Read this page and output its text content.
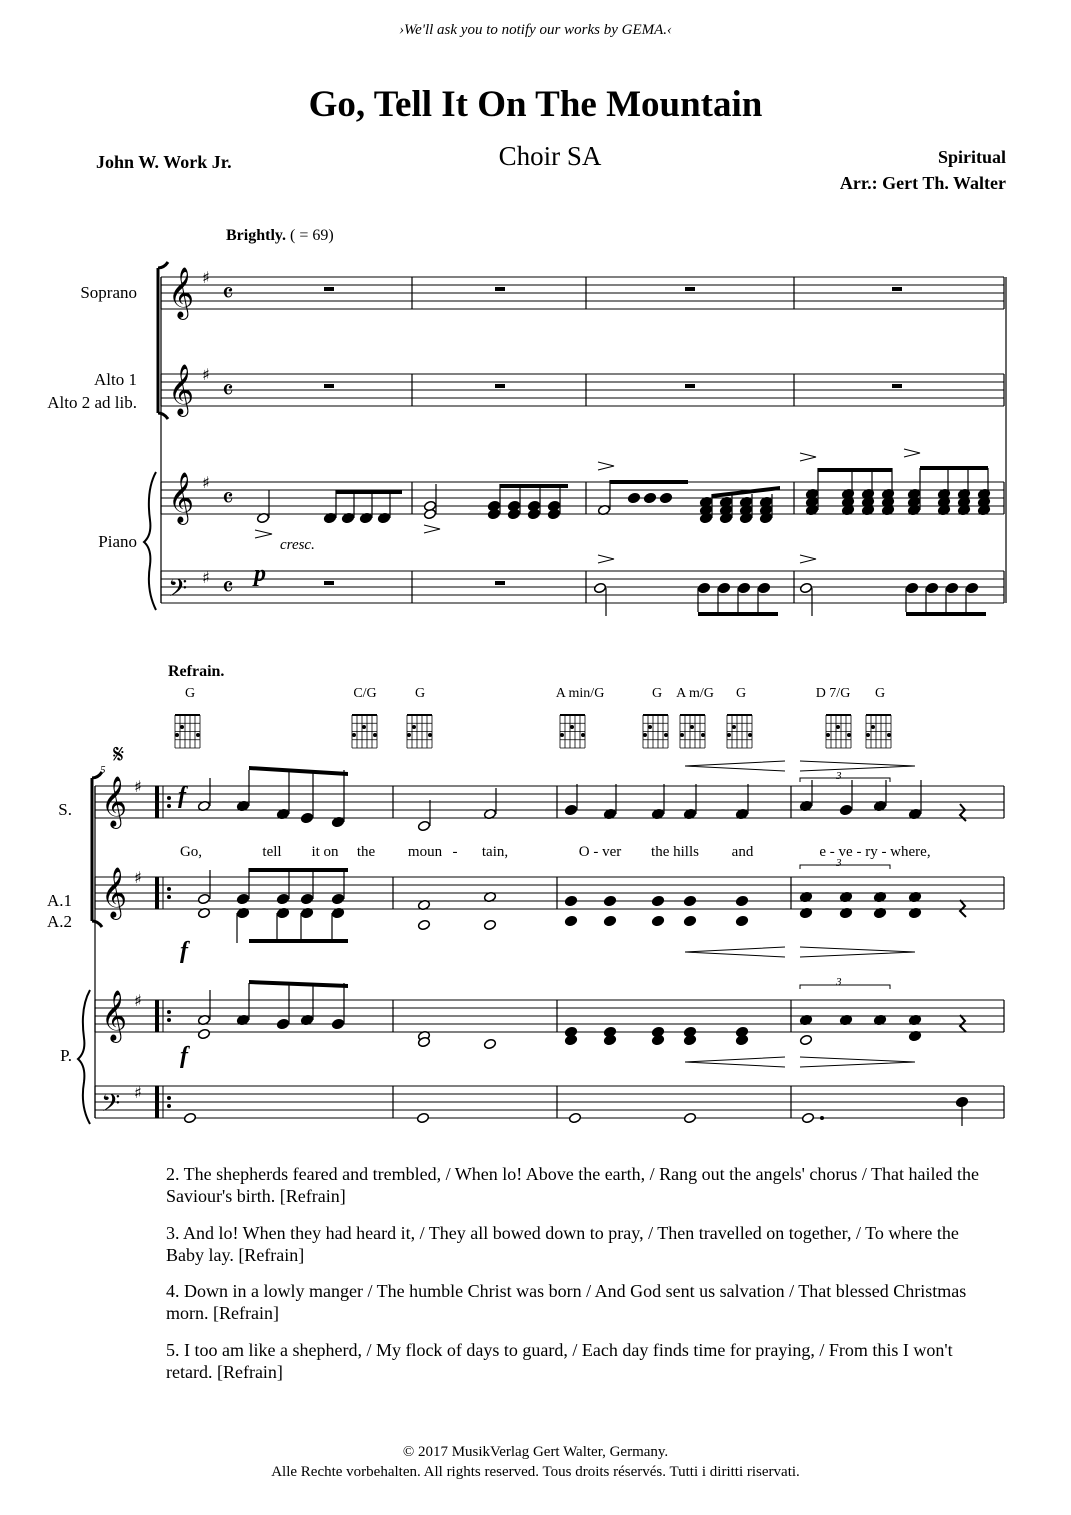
›We'll ask you to notify our works by GEMA.‹
Go, Tell It On The Mountain
Choir SA
John W. Work Jr.	Spiritual
Arr.: Gert Th. Walter
Brightly. ( = 69)
Soprano
Alto 1
Alto 2 ad lib.
Piano
S.
A.1
A.2
P.
p
cresc.
Refrain.
5
f
f
f
3
3
3
G	C/G	G	A min/G	G	A m/G	G	D 7/G	G
Go,	tell	it on	the	moun -	tain,	O - ver	the hills	and	e - ve - ry - where,
2. The shepherds feared and trembled, / When lo! Above the earth, / Rang out the angels' chorus / That hailed the Saviour's birth. [Refrain]
3. And lo! When they had heard it, / They all bowed down to pray, / Then travelled on together, / To where the Baby lay. [Refrain]
4. Down in a lowly manger / The humble Christ was born / And God sent us salvation / That blessed Christmas morn. [Refrain]
5. I too am like a shepherd, / My flock of days to guard, / Each day finds time for praying, / From this I won't retard. [Refrain]
© 2017 MusikVerlag Gert Walter, Germany.
Alle Rechte vorbehalten. All rights reserved. Tous droits réservés. Tutti i diritti riservati.
𝄞 ♯
𝄴
𝄞 ♯
𝄴
𝄞 ♯
𝄴
𝄢 ♯ 𝄴
𝄞 ♯
𝄞 ♯
𝄞 ♯
𝄢 ♯
𝄋
